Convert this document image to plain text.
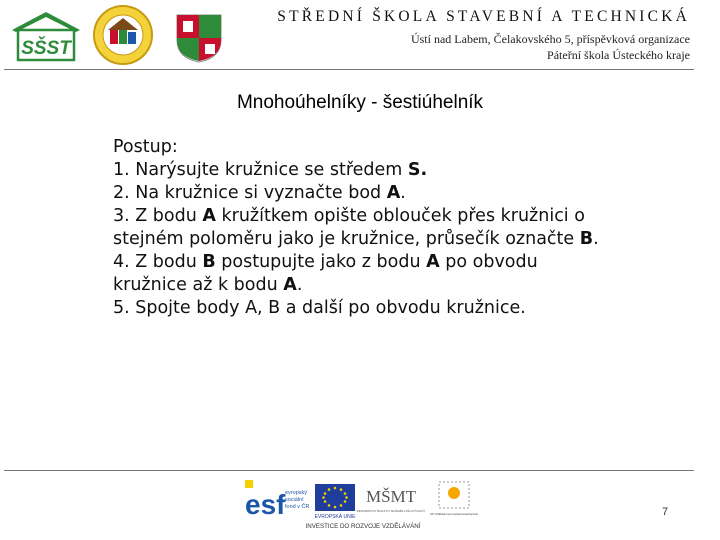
SŠST
STŘEDNÍ ŠKOLA STAVEBNÍ A TECHNICKÁ
Ústí nad Labem, Čelakovského 5, příspěvková organizace
Páteřní škola Ústeckého kraje
Mnohoúhelníky - šestiúhelník

Postup:

1. Narýsujte kružnice se středem S.

2. Na kružnice si vyznačte bod A.

3. Z bodu A kružítkem opište oblouček přes kružnici o stejném poloměru jako je kružnice, průsečík označte B.

4. Z bodu B postupujte jako z bodu A po obvodu kružnice až k bodu A.

5. Spojte body A, B a další po obvodu kružnice.

esf evropský
sociální
fond v ČR
EVROPSKÁ UNIE
MŠMT
MINISTERSTVO ŠKOLSTVÍ, MLÁDEŽE A TĚLOVÝCHOVY
OP Vzdělávání pro konkurenceschopnost
INVESTICE DO ROZVOJE VZDĚLÁVÁNÍ
7
